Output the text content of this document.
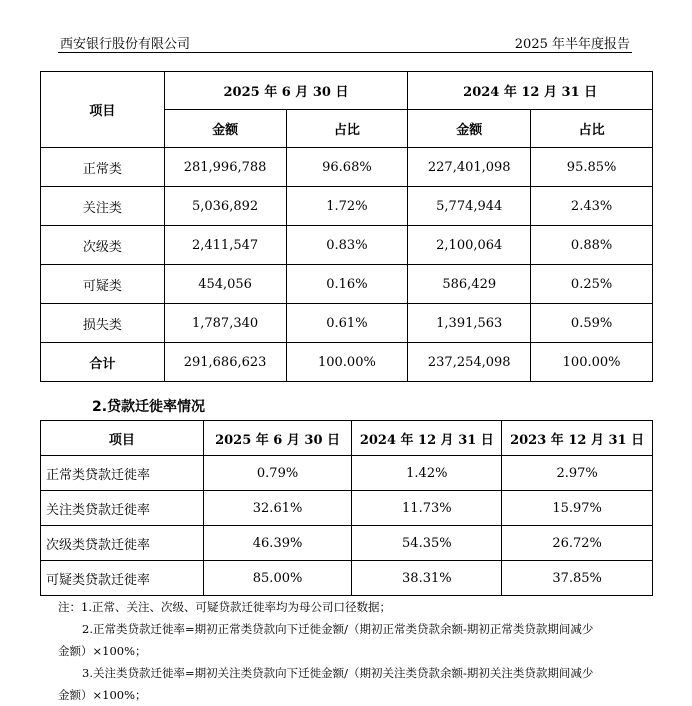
西安银行股份有限公司	2025 年半年度报告
项目	2025 年 6 月 30 日		2024 年 12 月 31 日	
	金额	占比	金额	占比
正常类	281,996,788	96.68%	227,401,098	95.85%
关注类	5,036,892	1.72%	5,774,944	2.43%
次级类	2,411,547	0.83%	2,100,064	0.88%
可疑类	454,056	0.16%	586,429	0.25%
损失类	1,787,340	0.61%	1,391,563	0.59%
合计	291,686,623	100.00%	237,254,098	100.00%
2.贷款迁徙率情况
项目	2025 年 6 月 30 日	2024 年 12 月 31 日	2023 年 12 月 31 日
正常类贷款迁徙率	0.79%	1.42%	2.97%
关注类贷款迁徙率	32.61%	11.73%	15.97%
次级类贷款迁徙率	46.39%	54.35%	26.72%
可疑类贷款迁徙率	85.00%	38.31%	37.85%
注：1.正常、关注、次级、可疑贷款迁徙率均为母公司口径数据；
2.正常类贷款迁徙率=期初正常类贷款向下迁徙金额/（期初正常类贷款余额-期初正常类贷款期间减少
金额）×100%；
3.关注类贷款迁徙率=期初关注类贷款向下迁徙金额/（期初关注类贷款余额-期初关注类贷款期间减少
金额）×100%；
